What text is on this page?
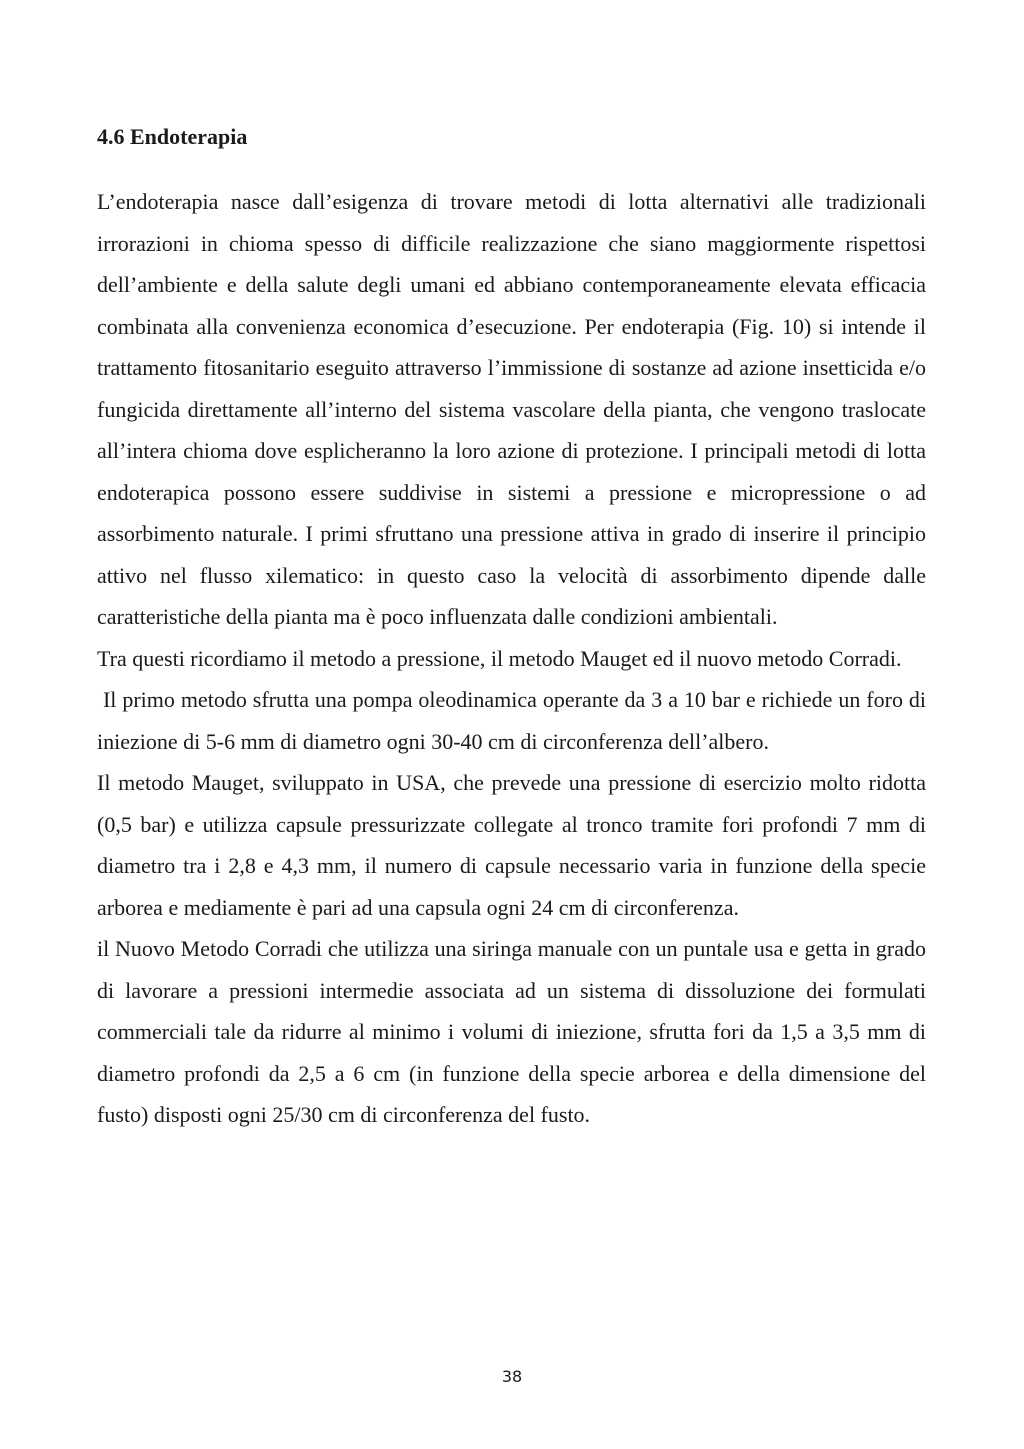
4.6 Endoterapia

L’endoterapia nasce dall’esigenza di trovare metodi di lotta alternativi alle tradizionali irrorazioni in chioma spesso di difficile realizzazione che siano maggiormente rispettosi dell’ambiente e della salute degli umani ed abbiano contemporaneamente elevata efficacia combinata alla convenienza economica d’esecuzione. Per endoterapia (Fig. 10) si intende il trattamento fitosanitario eseguito attraverso l’immissione di sostanze ad azione insetticida e/o fungicida direttamente all’interno del sistema vascolare della pianta, che vengono traslocate all’intera chioma dove esplicheranno la loro azione di protezione. I principali metodi di lotta endoterapica possono essere suddivise in sistemi a pressione e micropressione o ad assorbimento naturale. I primi sfruttano una pressione attiva in grado di inserire il principio attivo nel flusso xilematico: in questo caso la velocità di assorbimento dipende dalle caratteristiche della pianta ma è poco influenzata dalle condizioni ambientali.

Tra questi ricordiamo il metodo a pressione, il metodo Mauget ed il nuovo metodo Corradi.

Il primo metodo sfrutta una pompa oleodinamica operante da 3 a 10 bar e richiede un foro di iniezione di 5-6 mm di diametro ogni 30-40 cm di circonferenza dell’albero.

Il metodo Mauget, sviluppato in USA, che prevede una pressione di esercizio molto ridotta (0,5 bar) e utilizza capsule pressurizzate collegate al tronco tramite fori profondi 7 mm di diametro tra i 2,8 e 4,3 mm, il numero di capsule necessario varia in funzione della specie arborea e mediamente è pari ad una capsula ogni 24 cm di circonferenza.

il Nuovo Metodo Corradi che utilizza una siringa manuale con un puntale usa e getta in grado di lavorare a pressioni intermedie associata ad un sistema di dissoluzione dei formulati commerciali tale da ridurre al minimo i volumi di iniezione, sfrutta fori da 1,5 a 3,5 mm di diametro profondi da 2,5 a 6 cm (in funzione della specie arborea e della dimensione del fusto) disposti ogni 25/30 cm di circonferenza del fusto.

38
